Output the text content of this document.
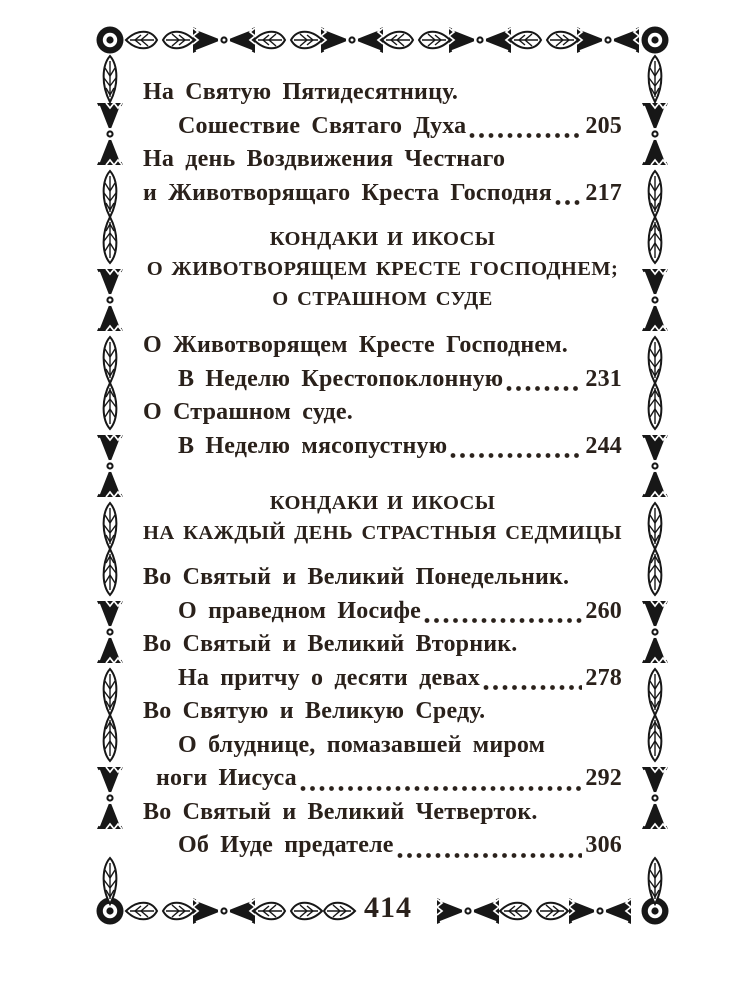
На Святую Пятидесятницу.
Сошествие Святаго Духа	205
На день Воздвижения Честнаго
и Животворящаго Креста Господня 217
КОНДАКИ И ИКОСЫ
О ЖИВОТВОРЯЩЕМ КРЕСТЕ ГОСПОДНЕМ;
О СТРАШНОМ СУДЕ
О Животворящем Кресте Господнем.
В Неделю Крестопоклонную	231
О Страшном суде.
В Неделю мясопустную	244
КОНДАКИ И ИКОСЫ
НА КАЖДЫЙ ДЕНЬ СТРАСТНЫЯ СЕДМИЦЫ
Во Святый и Великий Понедельник.
О праведном Иосифе	260
Во Святый и Великий Вторник.
На притчу о десяти девах	278
Во Святую и Великую Среду.
О блуднице, помазавшей миром
ноги Иисуса	292
Во Святый и Великий Четверток.
Об Иуде предателе	306
414
